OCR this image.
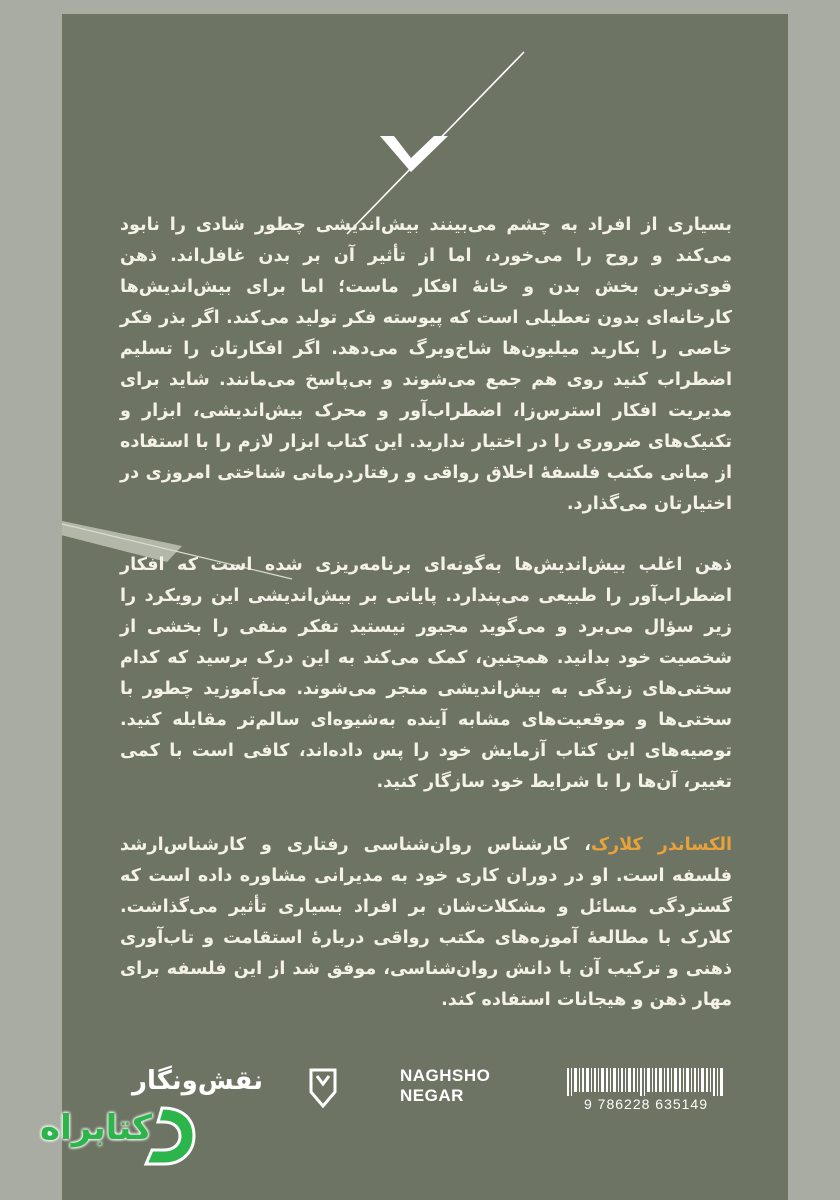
بسیاری از افراد به چشم می‌بینند بیش‌اندیشی چطور شادی را نابود می‌کند و روح را می‌خورد، اما از تأثیر آن بر بدن غافل‌اند. ذهن قوی‌ترین بخش بدن و خانهٔ افکار ماست؛ اما برای بیش‌اندیش‌ها کارخانه‌ای بدون تعطیلی است که پیوسته فکر تولید می‌کند. اگر بذر فکر خاصی را بکارید میلیون‌ها شاخ‌وبرگ می‌دهد. اگر افکارتان را تسلیم اضطراب کنید روی هم جمع می‌شوند و بی‌پاسخ می‌مانند. شاید برای مدیریت افکار استرس‌زا، اضطراب‌آور و محرک بیش‌اندیشی، ابزار و تکنیک‌های ضروری را در اختیار ندارید. این کتاب ابزار لازم را با استفاده از مبانی مکتب فلسفهٔ اخلاق رواقی و رفتاردرمانی شناختی امروزی در اختیارتان می‌گذارد.

ذهن اغلب بیش‌اندیش‌ها به‌گونه‌ای برنامه‌ریزی شده است که افکار اضطراب‌آور را طبیعی می‌پندارد. پایانی بر بیش‌اندیشی این رویکرد را زیر سؤال می‌برد و می‌گوید مجبور نیستید تفکر منفی را بخشی از شخصیت خود بدانید. همچنین، کمک می‌کند به این درک برسید که کدام سختی‌های زندگی به بیش‌اندیشی منجر می‌شوند. می‌آموزید چطور با سختی‌ها و موقعیت‌های مشابه آینده به‌شیوه‌ای سالم‌تر مقابله کنید. توصیه‌های این کتاب آزمایش خود را پس داده‌اند، کافی است با کمی تغییر، آن‌ها را با شرایط خود سازگار کنید.

الکساندر کلارک، کارشناس روان‌شناسی رفتاری و کارشناس‌ارشد فلسفه است. او در دوران کاری خود به مدیرانی مشاوره داده است که گستردگی مسائل و مشکلات‌شان بر افراد بسیاری تأثیر می‌گذاشت. کلارک با مطالعهٔ آموزه‌های مکتب رواقی دربارهٔ استقامت و تاب‌آوری ذهنی و ترکیب آن با دانش روان‌شناسی، موفق شد از این فلسفه برای مهار ذهن و هیجانات استفاده کند.

نقش‌ونگار	NAGHSHO
NEGAR	9 786228 635149
کتابراه
